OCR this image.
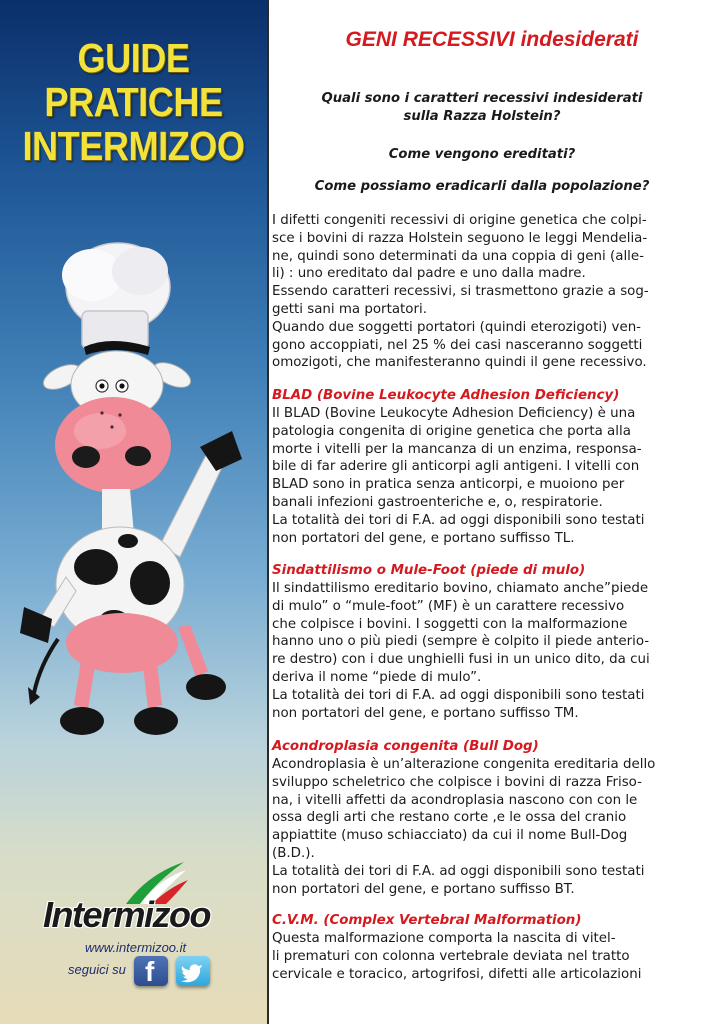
GUIDE
PRATICHE
INTERMIZOO
Intermizoo
www.intermizoo.it
seguici su f
GENI RECESSIVI indesiderati
Quali sono i caratteri recessivi indesiderati
sulla Razza Holstein?
Come vengono ereditati?
Come possiamo eradicarli dalla popolazione?
I difetti congeniti recessivi di origine genetica che colpi-
sce i bovini di razza Holstein seguono le leggi Mendelia-
ne, quindi sono determinati da una coppia di geni (alle-
li) : uno ereditato dal padre e uno dalla madre.
Essendo caratteri recessivi, si trasmettono grazie a sog-
getti sani ma portatori.
Quando due soggetti portatori (quindi eterozigoti) ven-
gono accoppiati, nel 25 % dei casi nasceranno soggetti
omozigoti, che manifesteranno quindi il gene recessivo.
BLAD (Bovine Leukocyte Adhesion Deficiency)
Il BLAD (Bovine Leukocyte Adhesion Deficiency) è una
patologia congenita di origine genetica che porta alla
morte i vitelli per la mancanza di un enzima, responsa-
bile di far aderire gli anticorpi agli antigeni. I vitelli con
BLAD sono in pratica senza anticorpi, e muoiono per
banali infezioni gastroenteriche e, o, respiratorie.
La totalità dei tori di F.A. ad oggi disponibili sono testati
non portatori del gene, e portano suffisso TL.
Sindattilismo o Mule-Foot (piede di mulo)
Il sindattilismo ereditario bovino, chiamato anche”piede
di mulo” o “mule-foot” (MF) è un carattere recessivo
che colpisce i bovini. I soggetti con la malformazione
hanno uno o più piedi (sempre è colpito il piede anterio-
re destro) con i due unghielli fusi in un unico dito, da cui
deriva il nome “piede di mulo”.
La totalità dei tori di F.A. ad oggi disponibili sono testati
non portatori del gene, e portano suffisso TM.
Acondroplasia congenita (Bull Dog)
Acondroplasia è un’alterazione congenita ereditaria dello
sviluppo scheletrico che colpisce i bovini di razza Friso-
na, i vitelli affetti da acondroplasia nascono con con le
ossa degli arti che restano corte ,e le ossa del cranio
appiattite (muso schiacciato) da cui il nome Bull-Dog
(B.D.).
La totalità dei tori di F.A. ad oggi disponibili sono testati
non portatori del gene, e portano suffisso BT.
C.V.M. (Complex Vertebral Malformation)
Questa malformazione comporta la nascita di vitel-
li prematuri con colonna vertebrale deviata nel tratto
cervicale e toracico, artogrifosi, difetti alle articolazioni
